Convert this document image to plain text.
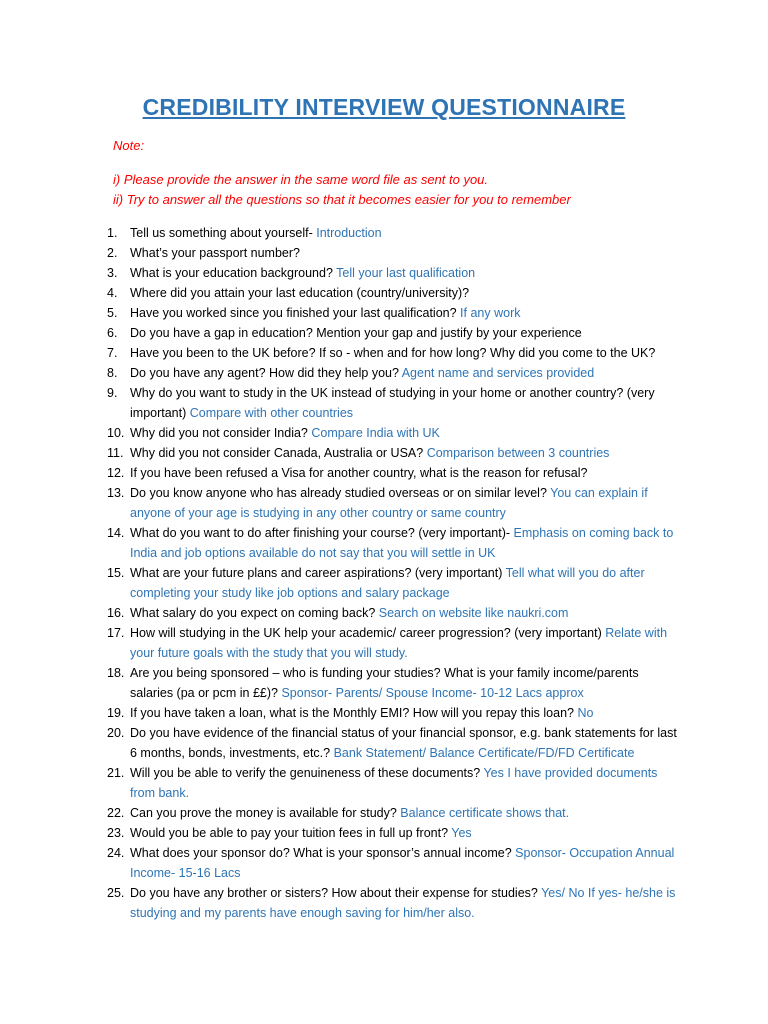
CREDIBILITY INTERVIEW QUESTIONNAIRE
Note:
i) Please provide the answer in the same word file as sent to you.
ii) Try to answer all the questions so that it becomes easier for you to remember
1. Tell us something about yourself- Introduction
2. What’s your passport number?
3. What is your education background? Tell your last qualification
4. Where did you attain your last education (country/university)?
5. Have you worked since you finished your last qualification? If any work
6. Do you have a gap in education? Mention your gap and justify by your experience
7. Have you been to the UK before? If so - when and for how long? Why did you come to the UK?
8. Do you have any agent? How did they help you? Agent name and services provided
9. Why do you want to study in the UK instead of studying in your home or another country? (very important) Compare with other countries
10. Why did you not consider India? Compare India with UK
11. Why did you not consider Canada, Australia or USA? Comparison between 3 countries
12. If you have been refused a Visa for another country, what is the reason for refusal?
13. Do you know anyone who has already studied overseas or on similar level? You can explain if anyone of your age is studying in any other country or same country
14. What do you want to do after finishing your course? (very important)- Emphasis on coming back to India and job options available do not say that you will settle in UK
15. What are your future plans and career aspirations? (very important) Tell what will you do after completing your study like job options and salary package
16. What salary do you expect on coming back? Search on website like naukri.com
17. How will studying in the UK help your academic/ career progression? (very important) Relate with your future goals with the study that you will study.
18. Are you being sponsored – who is funding your studies? What is your family income/parents salaries (pa or pcm in ££)? Sponsor- Parents/ Spouse Income- 10-12 Lacs approx
19. If you have taken a loan, what is the Monthly EMI? How will you repay this loan? No
20. Do you have evidence of the financial status of your financial sponsor, e.g. bank statements for last 6 months, bonds, investments, etc.? Bank Statement/ Balance Certificate/FD/FD Certificate
21. Will you be able to verify the genuineness of these documents? Yes I have provided documents from bank.
22. Can you prove the money is available for study? Balance certificate shows that.
23. Would you be able to pay your tuition fees in full up front? Yes
24. What does your sponsor do? What is your sponsor’s annual income? Sponsor- Occupation Annual Income- 15-16 Lacs
25. Do you have any brother or sisters? How about their expense for studies? Yes/ No If yes- he/she is studying and my parents have enough saving for him/her also.
